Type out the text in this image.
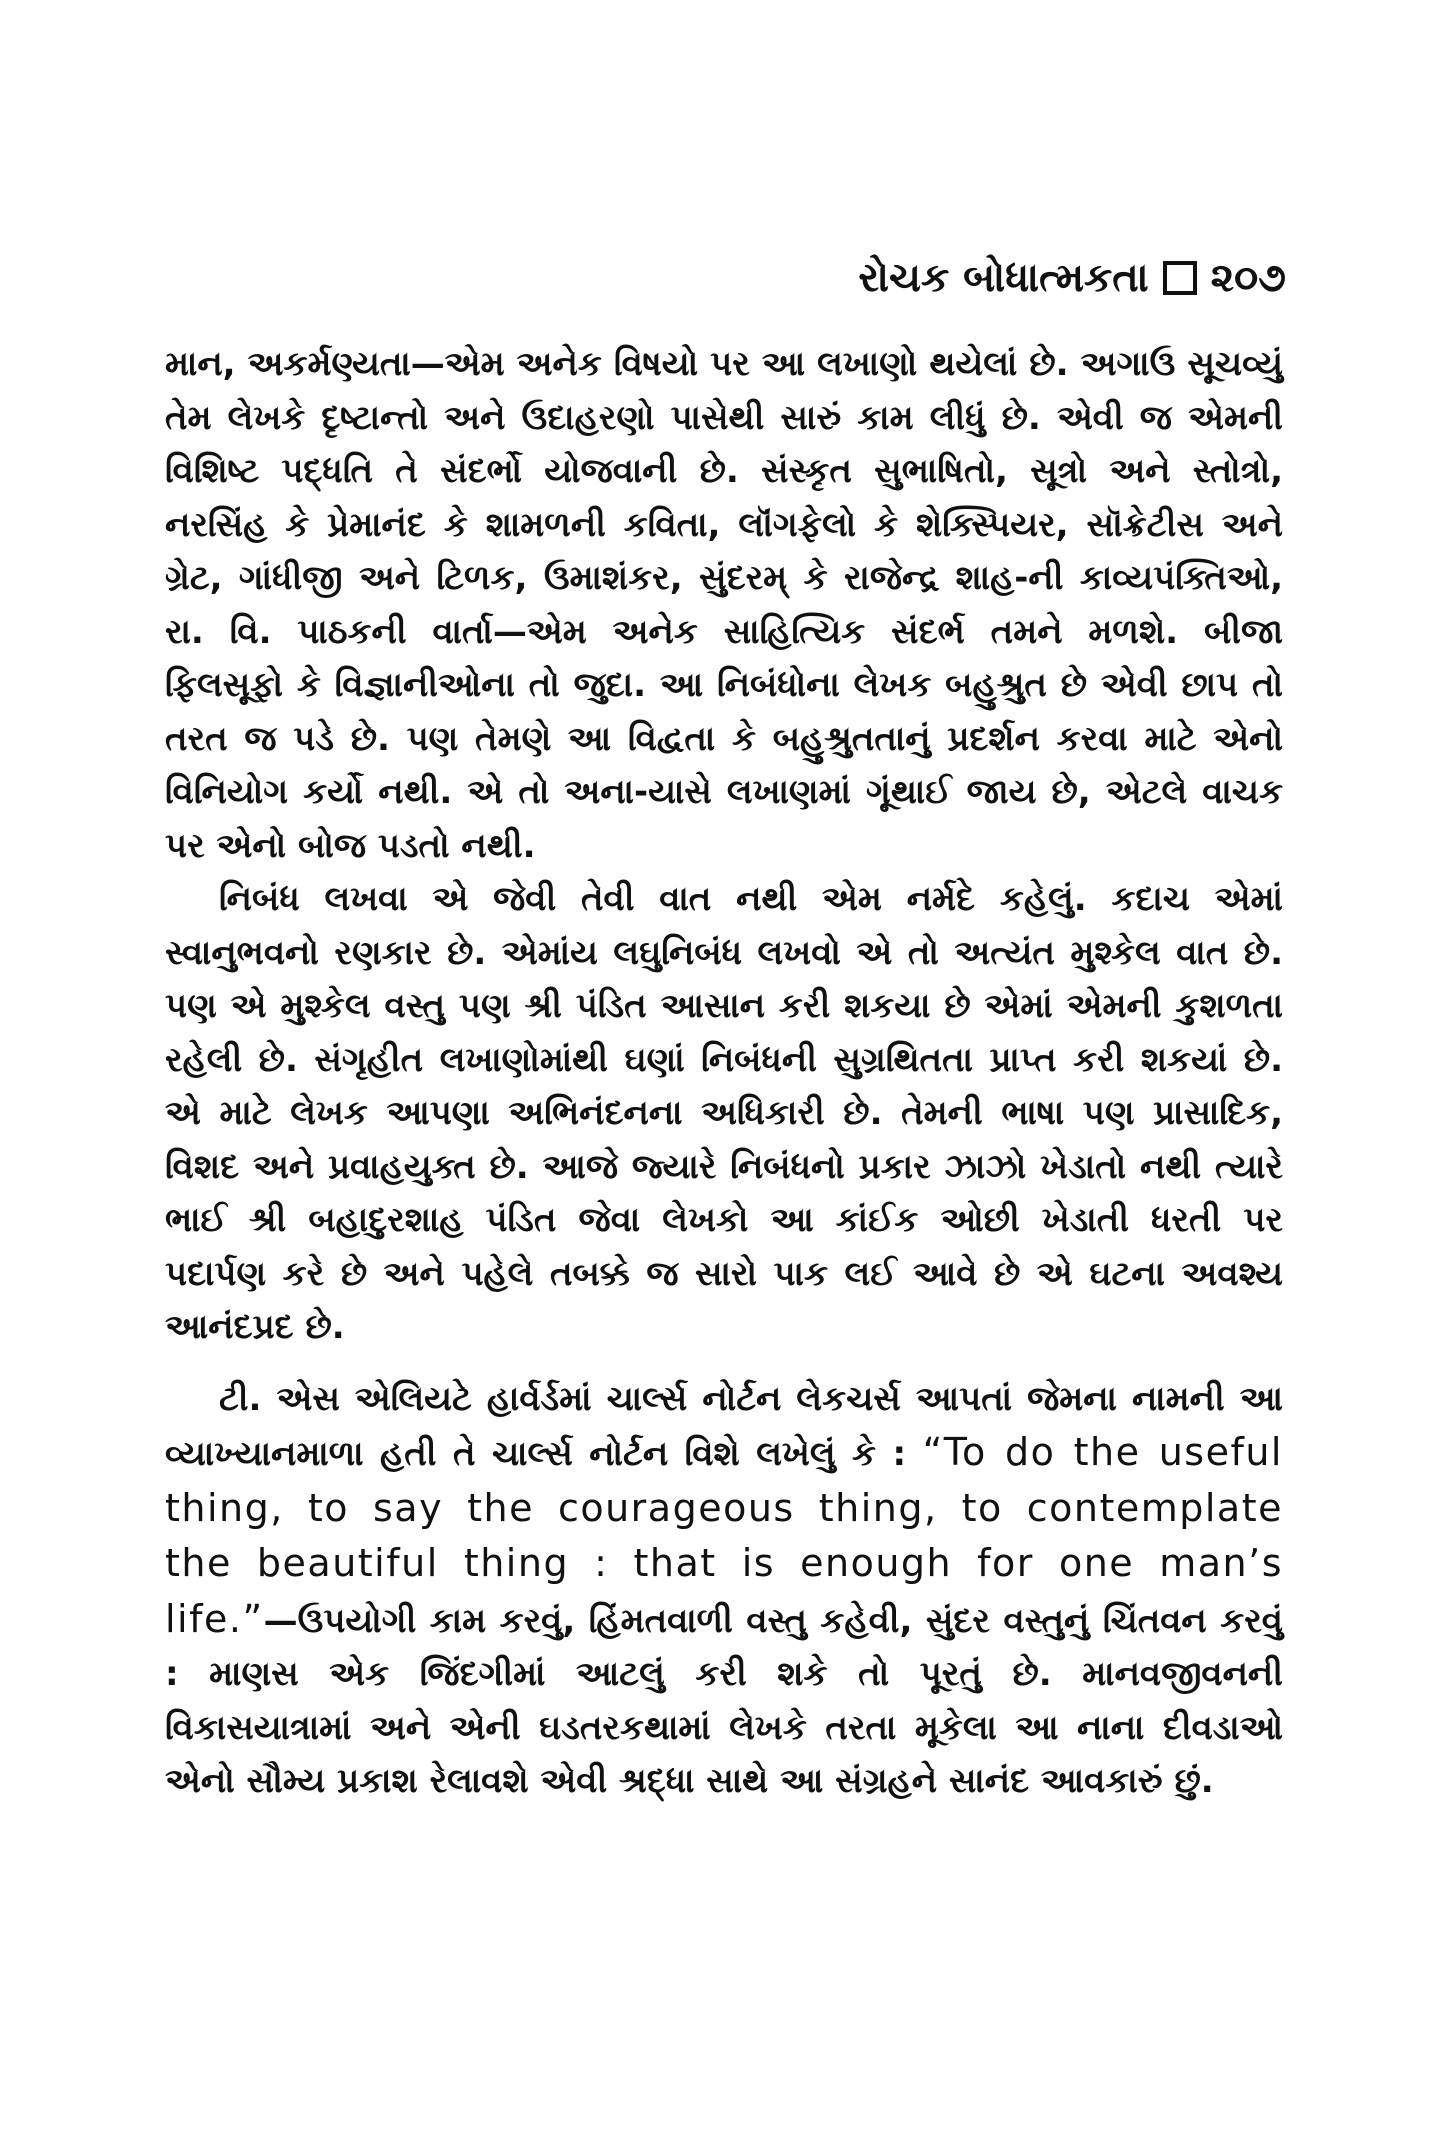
રોચક બોધાત્મકતા ૨૦૭

માન, અકર્મણ્યતા—એમ અનેક વિષયો પર આ લખાણો થયેલાં છે. અગાઉ સૂચવ્યું તેમ લેખકે દૃષ્ટાન્તો અને ઉદાહરણો પાસેથી સારું કામ લીધું છે. એવી જ એમની વિશિષ્ટ પદ્ધતિ તે સંદર્ભો યોજવાની છે. સંસ્કૃત સુભાષિતો, સૂત્રો અને સ્તોત્રો, નરસિંહ કે પ્રેમાનંદ કે શામળની કવિતા, લૉંગફેલો કે શેક્સ્પિયર, સૉક્રેટીસ અને ગ્રેટ, ગાંધીજી અને ટિળક, ઉમાશંકર, સુંદરમ્ કે રાજેન્દ્ર શાહ-ની કાવ્યપંક્તિઓ, રા. વિ. પાઠકની વાર્તા—એમ અનેક સાહિત્યિક સંદર્ભ તમને મળશે. બીજા ફિલસૂફો કે વિજ્ઞાનીઓના તો જુદા. આ નિબંધોના લેખક બહુશ્રુત છે એવી છાપ તો તરત જ પડે છે. પણ તેમણે આ વિદ્વતા કે બહુશ્રુતતાનું પ્રદર્શન કરવા માટે એનો વિનિયોગ કર્યો નથી. એ તો અના-યાસે લખાણમાં ગૂંથાઈ જાય છે, એટલે વાચક પર એનો બોજ પડતો નથી.

નિબંધ લખવા એ જેવી તેવી વાત નથી એમ નર્મદે કહેલું. કદાચ એમાં સ્વાનુભવનો રણકાર છે. એમાંય લઘુનિબંધ લખવો એ તો અત્યંત મુશ્કેલ વાત છે. પણ એ મુશ્કેલ વસ્તુ પણ શ્રી પંડિત આસાન કરી શકયા છે એમાં એમની કુશળતા રહેલી છે. સંગૃહીત લખાણોમાંથી ઘણાં નિબંધની સુગ્રથિતતા પ્રાપ્ત કરી શકયાં છે. એ માટે લેખક આપણા અભિનંદનના અધિકારી છે. તેમની ભાષા પણ પ્રાસાદિક, વિશદ અને પ્રવાહયુક્ત છે. આજે જ્યારે નિબંધનો પ્રકાર ઝાઝો ખેડાતો નથી ત્યારે ભાઈ શ્રી બહાદુરશાહ પંડિત જેવા લેખકો આ કાંઈક ઓછી ખેડાતી ધરતી પર પદાર્પણ કરે છે અને પહેલે તબક્કે જ સારો પાક લઈ આવે છે એ ઘટના અવશ્ય આનંદપ્રદ છે.

ટી. એસ એલિયટે હાર્વર્ડમાં ચાર્લ્સ નોર્ટન લેકચર્સ આપતાં જેમના નામની આ વ્યાખ્યાનમાળા હતી તે ચાર્લ્સ નોર્ટન વિશે લખેલું કે : “To do the useful thing, to say the courageous thing, to contemplate the beautiful thing : that is enough for one man’s life.”—ઉપયોગી કામ કરવું, હિંમતવાળી વસ્તુ કહેવી, સુંદર વસ્તુનું ચિંતવન કરવું : માણસ એક જિંદગીમાં આટલું કરી શકે તો પૂરતું છે. માનવજીવનની વિકાસયાત્રામાં અને એની ઘડતરકથામાં લેખકે તરતા મૂકેલા આ નાના દીવડાઓ એનો સૌમ્ય પ્રકાશ રેલાવશે એવી શ્રદ્ધા સાથે આ સંગ્રહને સાનંદ આવકારું છું.
